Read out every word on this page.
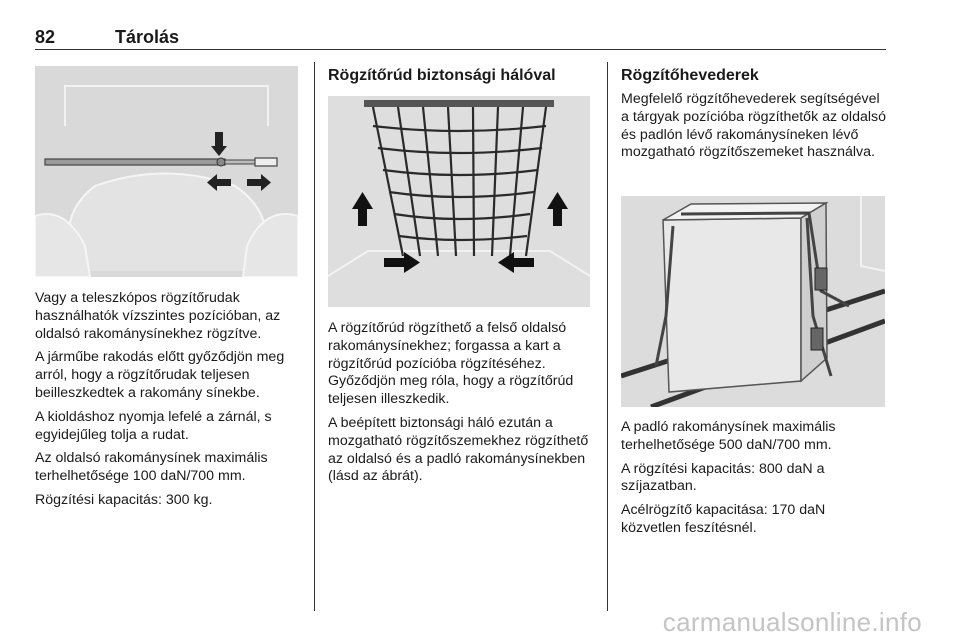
82	Tárolás

Vagy a teleszkópos rögzítőrudak használhatók vízszintes pozícióban, az oldalsó rakománysínekhez rögzítve.

A járműbe rakodás előtt győződjön meg arról, hogy a rögzítőrudak teljesen beilleszkedtek a rakomány sínekbe.

A kioldáshoz nyomja lefelé a zárnál, s egyidejűleg tolja a rudat.

Az oldalsó rakománysínek maximális terhelhetősége 100 daN/700 mm.

Rögzítési kapacitás: 300 kg.

Rögzítőrúd biztonsági hálóval

A rögzítőrúd rögzíthető a felső oldalsó rakománysínekhez; forgassa a kart a rögzítőrúd pozícióba rögzítéséhez. Győződjön meg róla, hogy a rögzítőrúd teljesen illeszkedik.

A beépített biztonsági háló ezután a mozgatható rögzítőszemekhez rögzíthető az oldalsó és a padló rakománysínekben (lásd az ábrát).

Rögzítőhevederek

Megfelelő rögzítőhevederek segítségével a tárgyak pozícióba rögzíthetők az oldalsó és padlón lévő rakománysíneken lévő mozgatható rögzítőszemeket használva.

A padló rakománysínek maximális terhelhetősége 500 daN/700 mm.

A rögzítési kapacitás: 800 daN a szíjazatban.

Acélrögzítő kapacitása: 170 daN közvetlen feszítésnél.

carmanualsonline.info
